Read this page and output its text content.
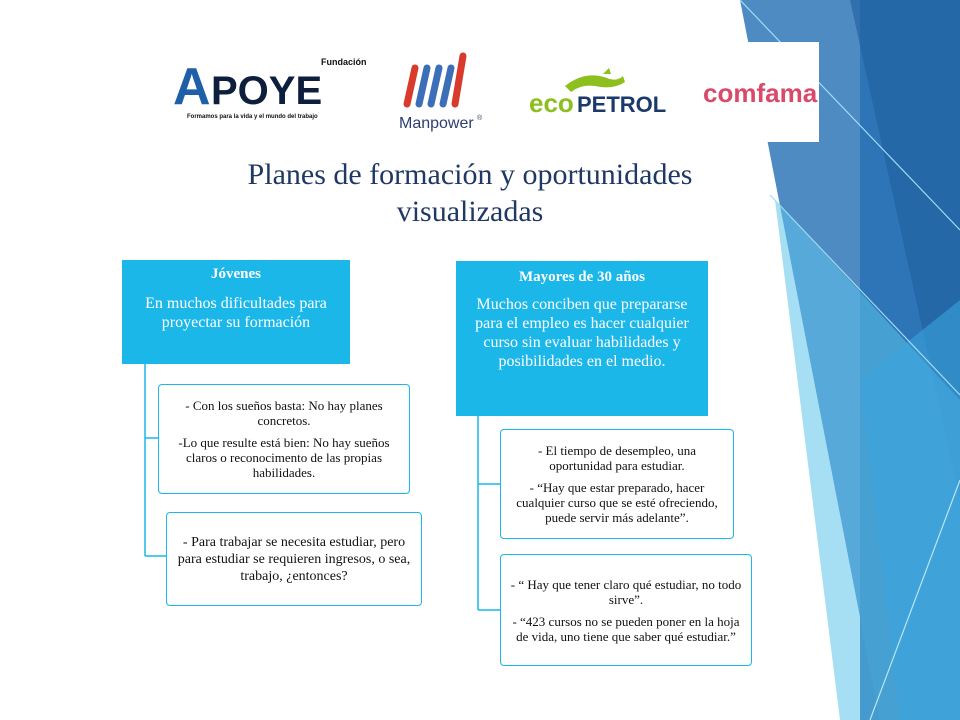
Fundación
A POYE
Formamos para la vida y el mundo del trabajo	Manpower ®
eco PETROL comfama
Planes de formación y oportunidades
visualizadas
Jóvenes
En muchos dificultades para proyectar su formación

- Con los sueños basta: No hay planes concretos.

-Lo que resulte está bien: No hay sueños claros o reconocimento de las propias habilidades.

- Para trabajar se necesita estudiar, pero para estudiar se requieren ingresos, o sea, trabajo, ¿entonces?

Mayores de 30 años
Muchos conciben que prepararse para el empleo es hacer cualquier curso sin evaluar habilidades y posibilidades en el medio.

- El tiempo de desempleo, una oportunidad para estudiar.

- “Hay que estar preparado, hacer cualquier curso que se esté ofreciendo, puede servir más adelante”.

- “ Hay que tener claro qué estudiar, no todo sirve”.

- “423 cursos no se pueden poner en la hoja de vida, uno tiene que saber qué estudiar.”
